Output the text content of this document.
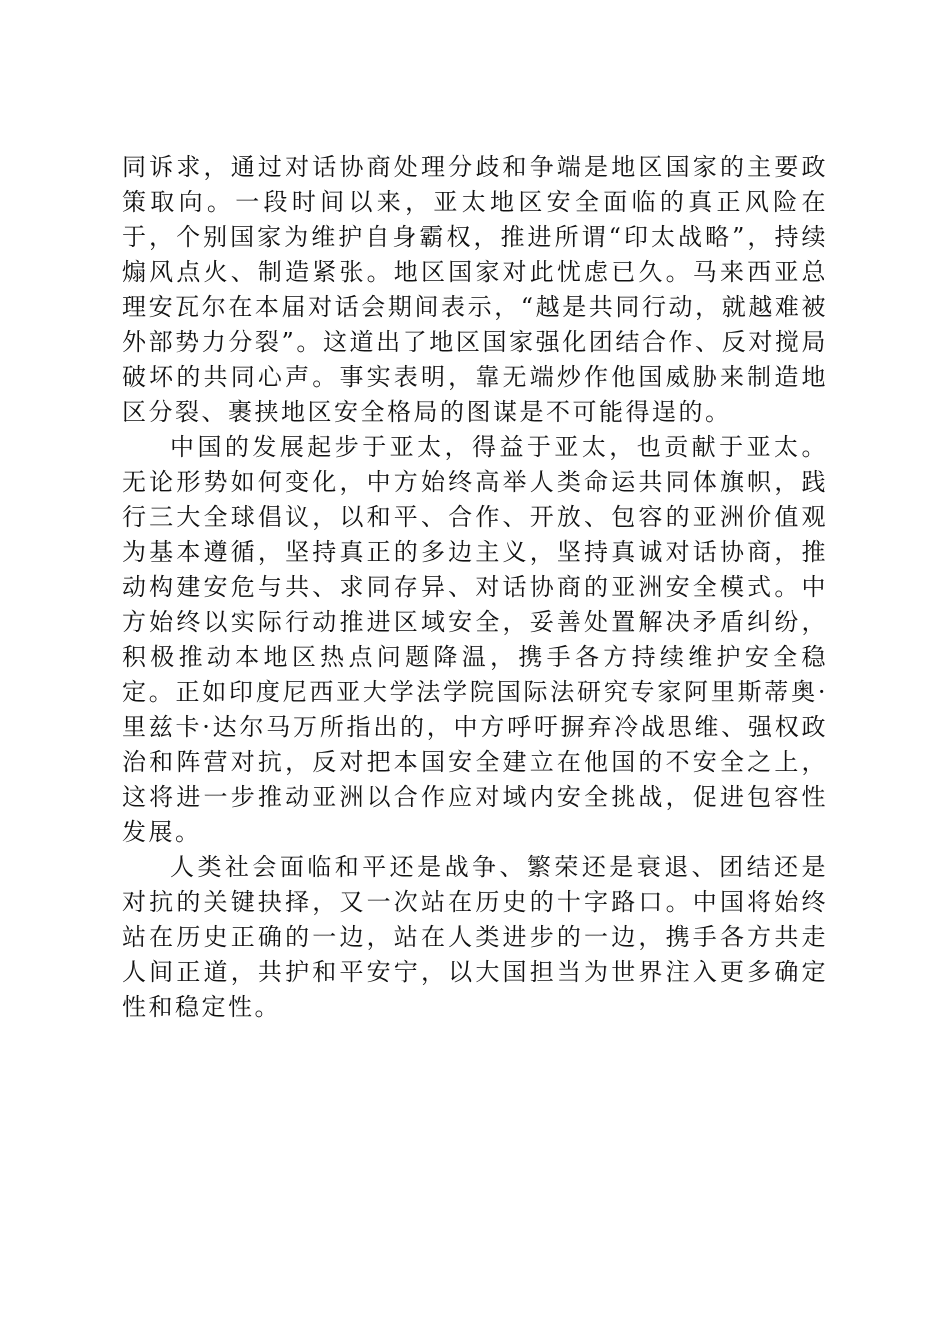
同诉求，通过对话协商处理分歧和争端是地区国家的主要政策取向。一段时间以来，亚太地区安全面临的真正风险在于，个别国家为维护自身霸权，推进所谓“印太战略”，持续煽风点火、制造紧张。地区国家对此忧虑已久。马来西亚总理安瓦尔在本届对话会期间表示，“越是共同行动，就越难被外部势力分裂”。这道出了地区国家强化团结合作、反对搅局破坏的共同心声。事实表明，靠无端炒作他国威胁来制造地区分裂、裹挟地区安全格局的图谋是不可能得逞的。

中国的发展起步于亚太，得益于亚太，也贡献于亚太。无论形势如何变化，中方始终高举人类命运共同体旗帜，践行三大全球倡议，以和平、合作、开放、包容的亚洲价值观为基本遵循，坚持真正的多边主义，坚持真诚对话协商，推动构建安危与共、求同存异、对话协商的亚洲安全模式。中方始终以实际行动推进区域安全，妥善处置解决矛盾纠纷，积极推动本地区热点问题降温，携手各方持续维护安全稳定。正如印度尼西亚大学法学院国际法研究专家阿里斯蒂奥·里兹卡·达尔马万所指出的，中方呼吁摒弃冷战思维、强权政治和阵营对抗，反对把本国安全建立在他国的不安全之上，这将进一步推动亚洲以合作应对域内安全挑战，促进包容性发展。

人类社会面临和平还是战争、繁荣还是衰退、团结还是对抗的关键抉择，又一次站在历史的十字路口。中国将始终站在历史正确的一边，站在人类进步的一边，携手各方共走人间正道，共护和平安宁，以大国担当为世界注入更多确定性和稳定性。
